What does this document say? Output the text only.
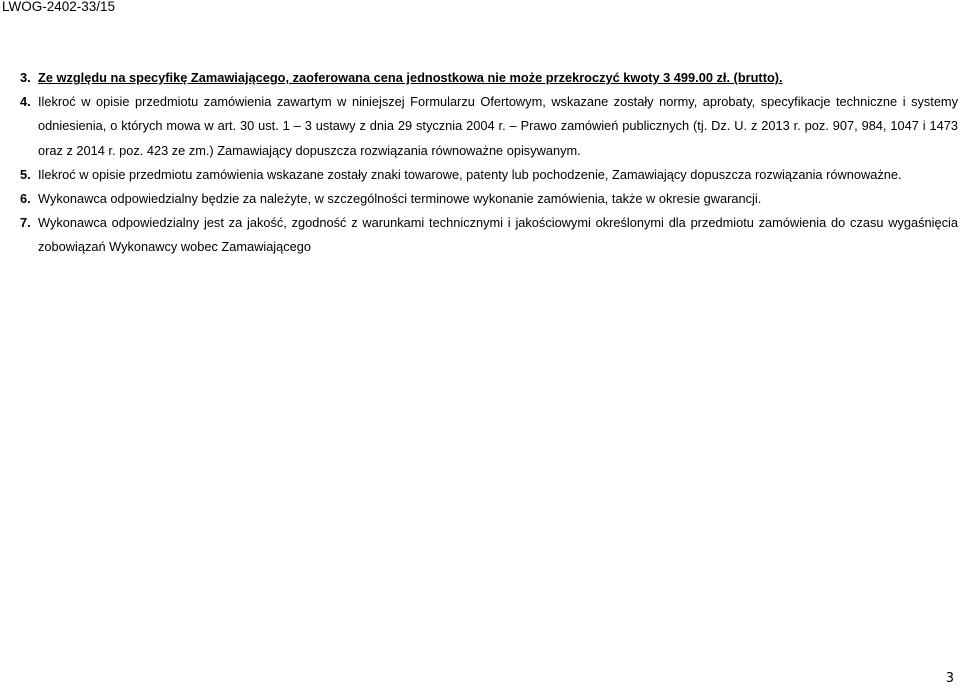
LWOG-2402-33/15
3. Ze względu na specyfikę Zamawiającego, zaoferowana cena jednostkowa nie może przekroczyć kwoty 3 499.00 zł. (brutto).
4. Ilekroć w opisie przedmiotu zamówienia zawartym w niniejszej Formularzu Ofertowym, wskazane zostały normy, aprobaty, specyfikacje techniczne i systemy odniesienia, o których mowa w art. 30 ust. 1 – 3 ustawy z dnia 29 stycznia 2004 r. – Prawo zamówień publicznych (tj. Dz. U. z 2013 r. poz. 907, 984, 1047 i 1473 oraz z 2014 r. poz. 423 ze zm.) Zamawiający dopuszcza rozwiązania równoważne opisywanym.
5. Ilekroć w opisie przedmiotu zamówienia wskazane zostały znaki towarowe, patenty lub pochodzenie, Zamawiający dopuszcza rozwiązania równoważne.
6. Wykonawca odpowiedzialny będzie za należyte, w szczególności terminowe wykonanie zamówienia, także w okresie gwarancji.
7. Wykonawca odpowiedzialny jest za jakość, zgodność z warunkami technicznymi i jakościowymi określonymi dla przedmiotu zamówienia do czasu wygaśnięcia zobowiązań Wykonawcy wobec Zamawiającego
3
